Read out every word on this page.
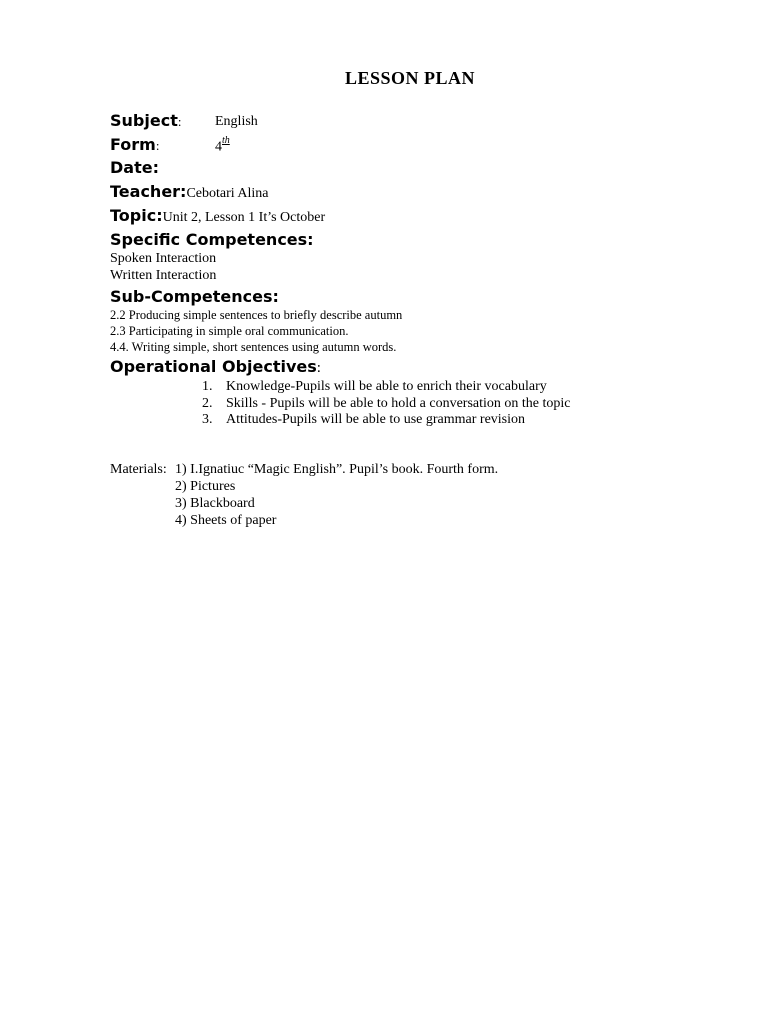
LESSON PLAN
Subject: English
Form:	4th
Date:
Teacher:Cebotari Alina
Topic:Unit 2, Lesson 1 It’s October
Specific Competences:
Spoken Interaction
Written Interaction
Sub-Competences:
2.2 Producing simple sentences to briefly describe autumn
2.3 Participating in simple oral communication.
4.4. Writing simple, short sentences using autumn words.
Operational Objectives:
1. Knowledge-Pupils will be able to enrich their vocabulary
2. Skills - Pupils will be able to hold a conversation on the topic
3. Attitudes-Pupils will be able to use grammar revision
Materials: 1) I.Ignatiuc “Magic English”. Pupil’s book. Fourth form.
2) Pictures
3) Blackboard
4) Sheets of paper
